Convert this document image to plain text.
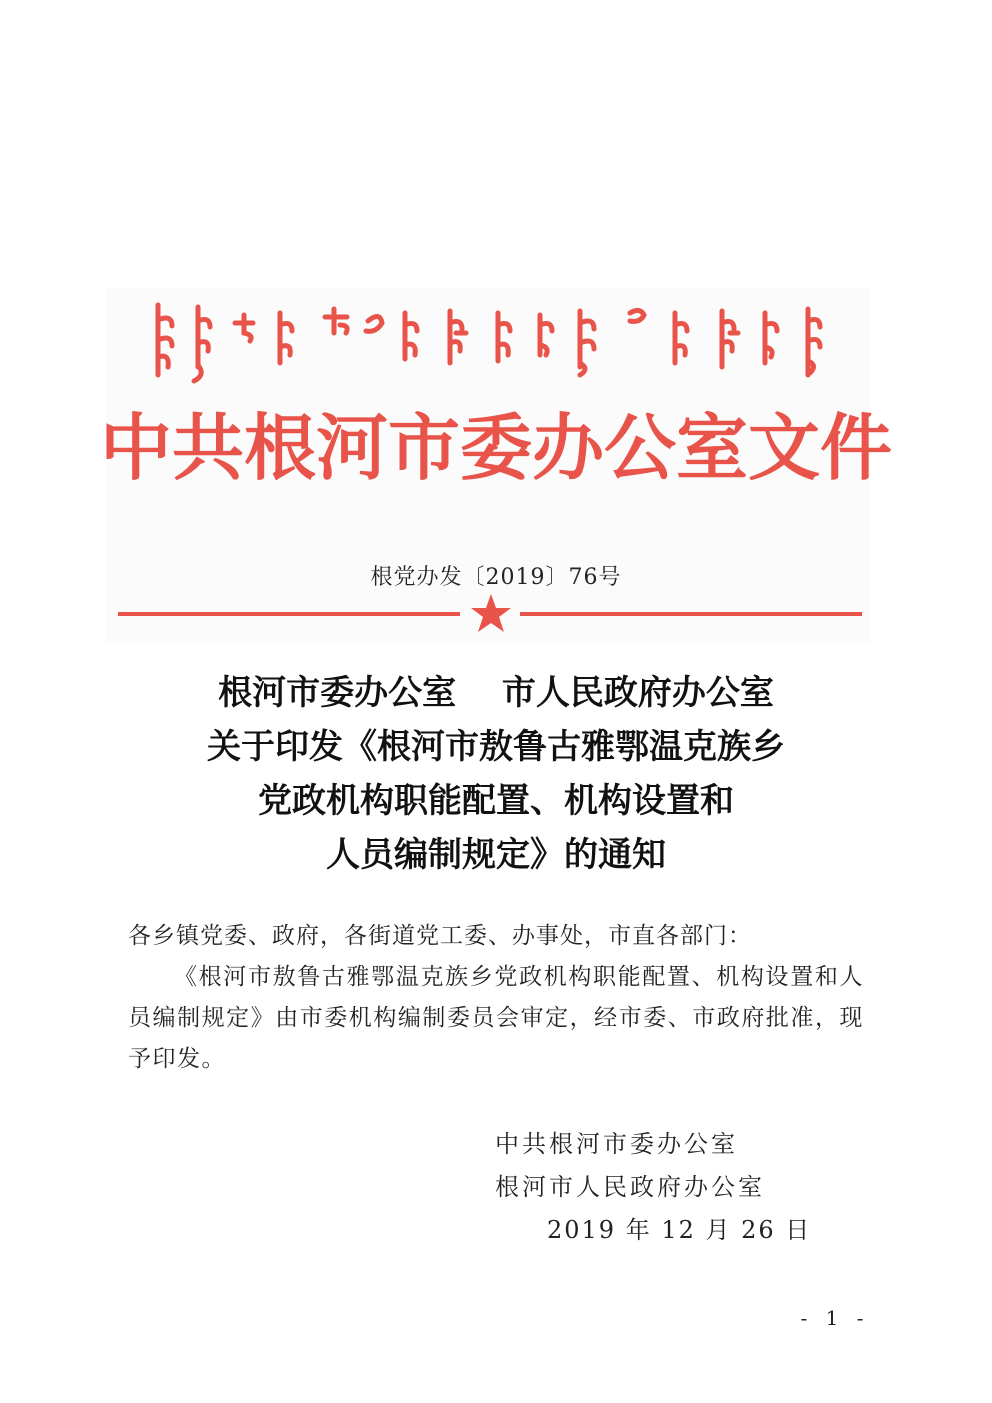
中共根河市委办公室文件
根党办发〔2019〕76号
根河市委办公室　 市人民政府办公室
关于印发《根河市敖鲁古雅鄂温克族乡
党政机构职能配置、机构设置和
人员编制规定》的通知
各乡镇党委、政府，各街道党工委、办事处，市直各部门：
《根河市敖鲁古雅鄂温克族乡党政机构职能配置、机构设置和人员编制规定》由市委机构编制委员会审定，经市委、市政府批准，现予印发。
中共根河市委办公室
根河市人民政府办公室
2019 年 12 月 26 日
- 1 -
